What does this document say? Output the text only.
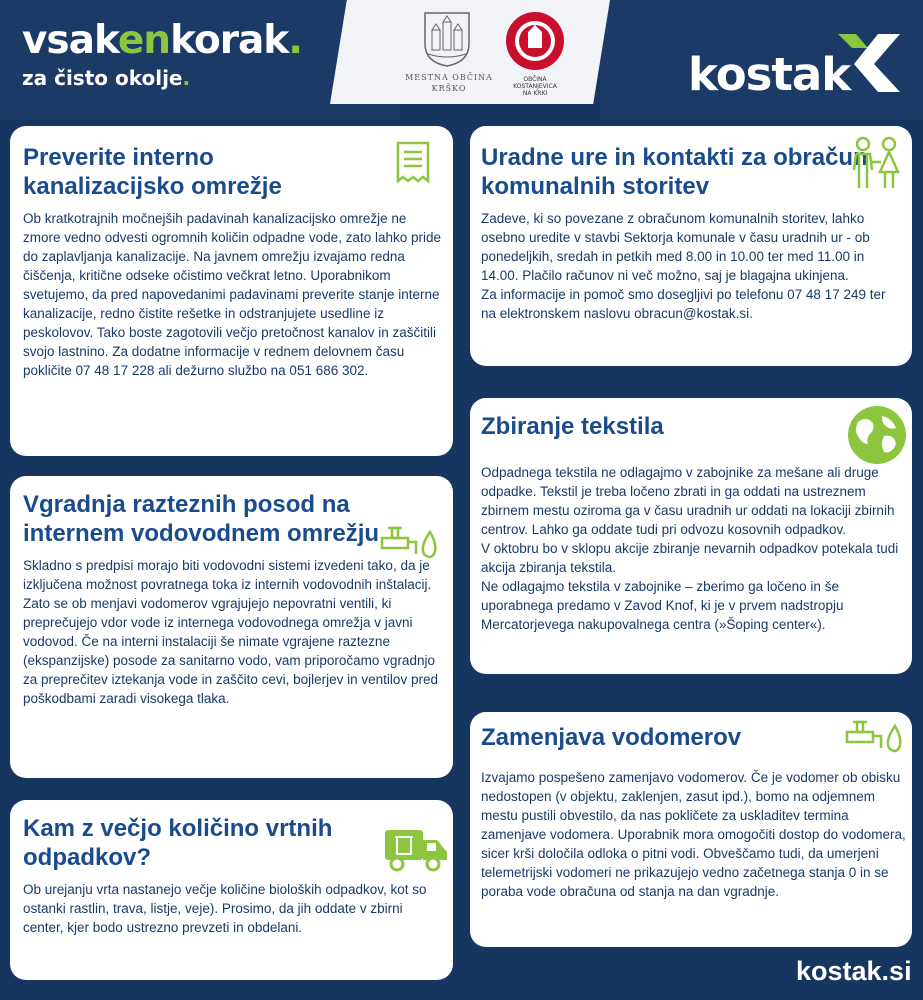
vsakenkorak.
za čisto okolje.	MESTNA OBČINA KRŠKO
OBČINA
KOSTANJEVICA
NA KRKI	kostak
Preverite interno kanalizacijsko omrežje

Ob kratkotrajnih močnejših padavinah kanalizacijsko omrežje ne zmore vedno odvesti ogromnih količin odpadne vode, zato lahko pride do zaplavljanja kanalizacije. Na javnem omrežju izvajamo redna čiščenja, kritične odseke očistimo večkrat letno. Uporabnikom svetujemo, da pred napovedanimi padavinami preverite stanje interne kanalizacije, redno čistite rešetke in odstranjujete usedline iz peskolovov. Tako boste zagotovili večjo pretočnost kanalov in zaščitili svojo lastnino. Za dodatne informacije v rednem delovnem času pokličite 07 48 17 228 ali dežurno službo na 051 686 302.

Vgradnja razteznih posod na internem vodovodnem omrežju

Skladno s predpisi morajo biti vodovodni sistemi izvedeni tako, da je izključena možnost povratnega toka iz internih vodovodnih inštalacij. Zato se ob menjavi vodomerov vgrajujejo nepovratni ventili, ki preprečujejo vdor vode iz internega vodovodnega omrežja v javni vodovod. Če na interni instalaciji še nimate vgrajene raztezne (ekspanzijske) posode za sanitarno vodo, vam priporočamo vgradnjo za preprečitev iztekanja vode in zaščito cevi, bojlerjev in ventilov pred poškodbami zaradi visokega tlaka.

Kam z večjo količino vrtnih odpadkov?

Ob urejanju vrta nastanejo večje količine bioloških odpadkov, kot so ostanki rastlin, trava, listje, veje). Prosimo, da jih oddate v zbirni center, kjer bodo ustrezno prevzeti in obdelani.

Uradne ure in kontakti za obračun komunalnih storitev

Zadeve, ki so povezane z obračunom komunalnih storitev, lahko osebno uredite v stavbi Sektorja komunale v času uradnih ur - ob ponedeljkih, sredah in petkih med 8.00 in 10.00 ter med 11.00 in 14.00. Plačilo računov ni več možno, saj je blagajna ukinjena.

Za informacije in pomoč smo dosegljivi po telefonu 07 48 17 249 ter na elektronskem naslovu obracun@kostak.si.

Zbiranje tekstila

Odpadnega tekstila ne odlagajmo v zabojnike za mešane ali druge odpadke. Tekstil je treba ločeno zbrati in ga oddati na ustreznem zbirnem mestu oziroma ga v času uradnih ur oddati na lokaciji zbirnih centrov. Lahko ga oddate tudi pri odvozu kosovnih odpadkov.

V oktobru bo v sklopu akcije zbiranje nevarnih odpadkov potekala tudi akcija zbiranja tekstila.

Ne odlagajmo tekstila v zabojnike – zberimo ga ločeno in še uporabnega predamo v Zavod Knof, ki je v prvem nadstropju Mercatorjevega nakupovalnega centra (»Šoping center«).

Zamenjava vodomerov

Izvajamo pospešeno zamenjavo vodomerov. Če je vodomer ob obisku nedostopen (v objektu, zaklenjen, zasut ipd.), bomo na odjemnem mestu pustili obvestilo, da nas pokličete za uskladitev termina zamenjave vodomera. Uporabnik mora omogočiti dostop do vodomera, sicer krši določila odloka o pitni vodi. Obveščamo tudi, da umerjeni telemetrijski vodomeri ne prikazujejo vedno začetnega stanja 0 in se poraba vode obračuna od stanja na dan vgradnje.

kostak.si
